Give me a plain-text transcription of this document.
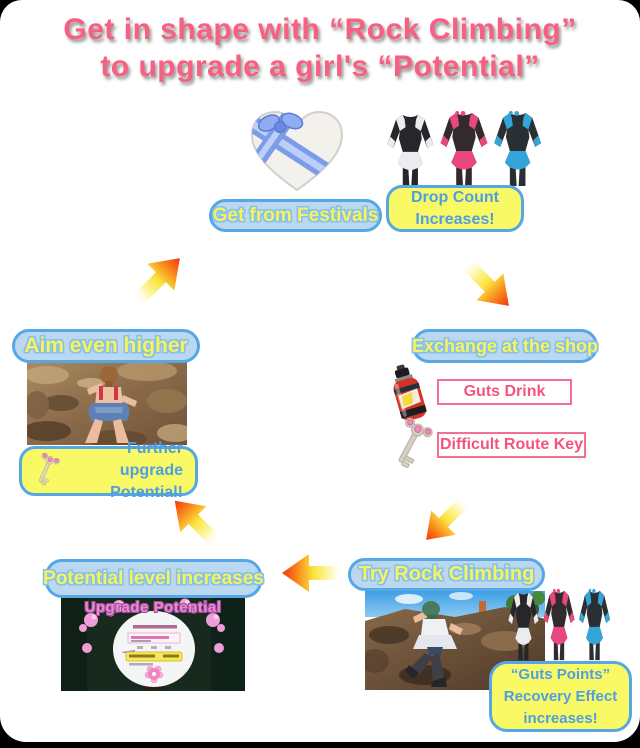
Get in shape with “Rock Climbing”
to upgrade a girl's “Potential”
Get from Festivals
Drop Count
Increases!
Exchange at the shop
Guts Drink
Difficult Route Key
Aim even higher
Further upgrade
Potential!
Potential level increases
Upgrade Potential
Try Rock Climbing
“Guts Points”
Recovery Effect
increases!
